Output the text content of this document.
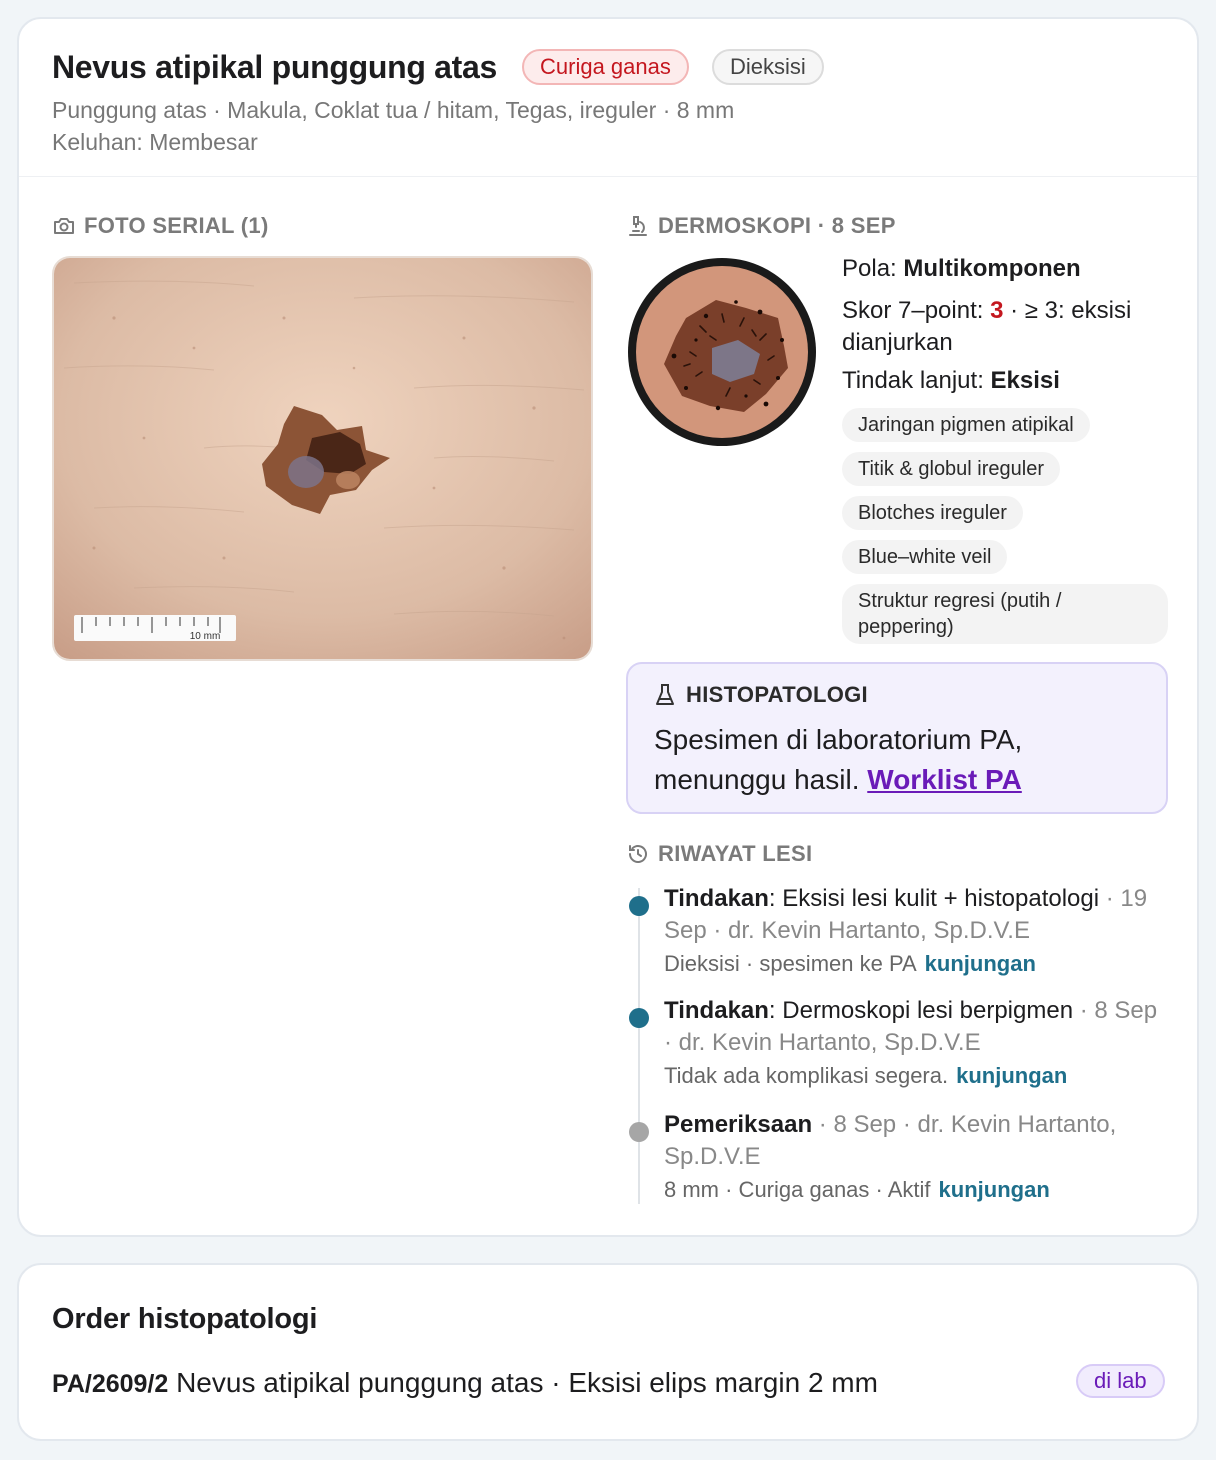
Nevus atipikal punggung atas	Curiga ganas	Dieksisi
Punggung atas · Makula, Coklat tua / hitam, Tegas, ireguler · 8 mm
Keluhan: Membesar
FOTO SERIAL (1)
10 mm
DERMOSKOPI · 8 SEP
Pola: Multikomponen
Skor 7–point: 3 · ≥ 3: eksisi dianjurkan
Tindak lanjut: Eksisi
Jaringan pigmen atipikal
Titik & globul ireguler
Blotches ireguler
Blue–white veil
Struktur regresi (putih / peppering)
HISTOPATOLOGI
Spesimen di laboratorium PA, menunggu hasil. Worklist PA
RIWAYAT LESI
Tindakan: Eksisi lesi kulit + histopatologi · 19 Sep · dr. Kevin Hartanto, Sp.D.V.E
Dieksisi · spesimen ke PA kunjungan
Tindakan: Dermoskopi lesi berpigmen · 8 Sep · dr. Kevin Hartanto, Sp.D.V.E
Tidak ada komplikasi segera. kunjungan
Pemeriksaan · 8 Sep · dr. Kevin Hartanto, Sp.D.V.E
8 mm · Curiga ganas · Aktif kunjungan
Order histopatologi
PA/2609/2 Nevus atipikal punggung atas · Eksisi elips margin 2 mm	di lab
